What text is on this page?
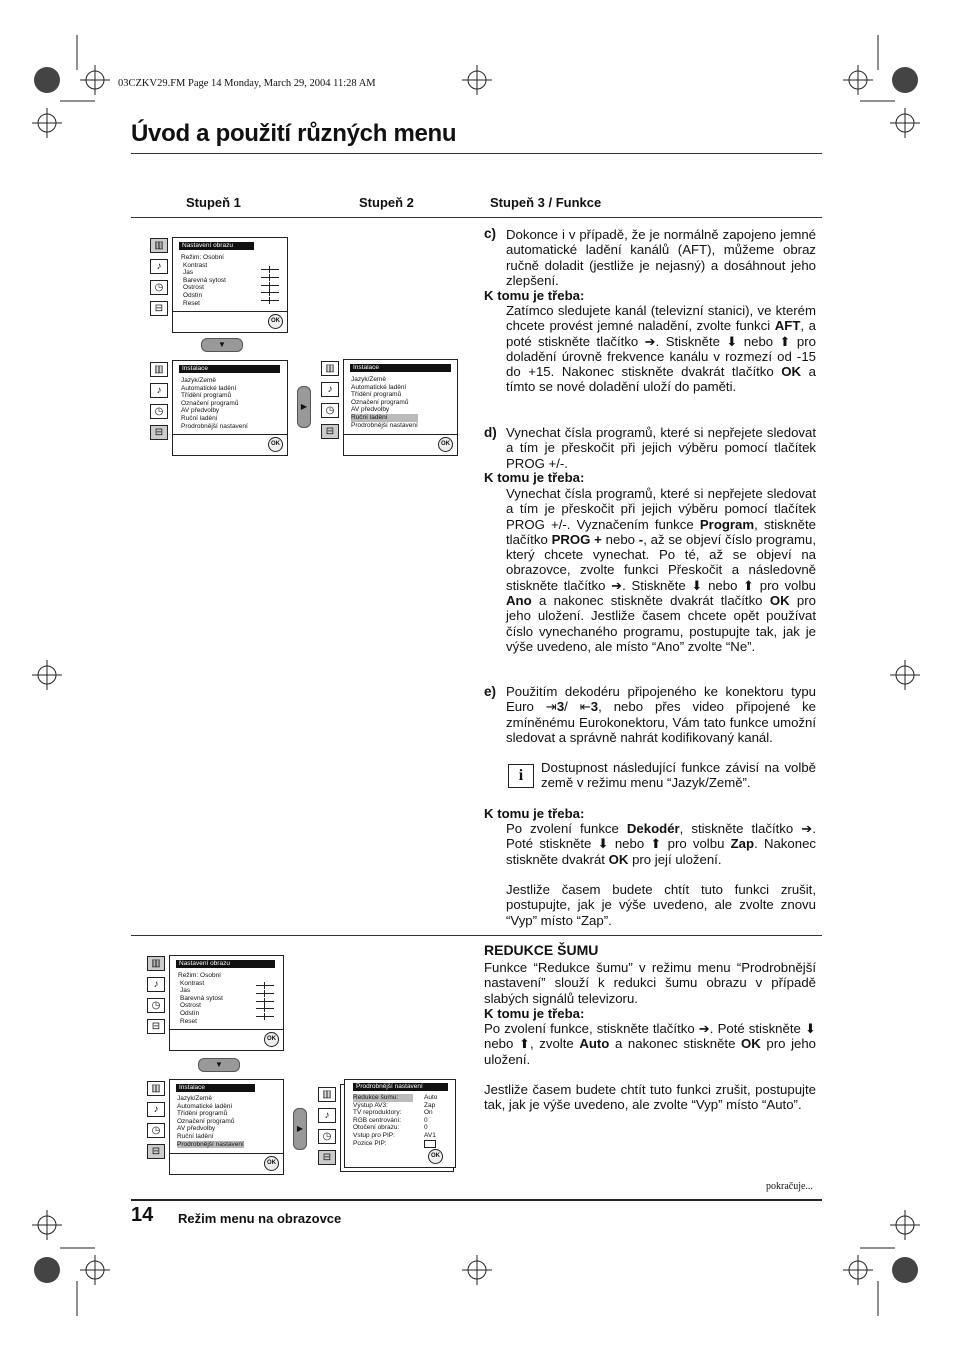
03CZKV29.FM Page 14 Monday, March 29, 2004 11:28 AM
Úvod a použití různých menu
Stupeň 1	Stupeň 2	Stupeň 3 / Funkce
▥
♪
◷
⊟
Nastavení obrazu
Režim: Osobní
Kontrast
Jas
Barevná sytost
Ostrost
Odstín
Reset
OK
▼
▥
♪
◷
⊟
Instalace
Jazyk/Země
Automatické ladění
Třídění programů
Označení programů
AV předvolby
Ruční ladění
Prodrobnější nastavení
OK
▶
▥
♪
◷
⊟
Instalace
Jazyk/Země
Automatické ladění
Třídění programů
Označení programů
AV předvolby
Ruční ladění
Prodrobnější nastavení
OK
c) Dokonce i v případě, že je normálně zapojeno jemné automatické ladění kanálů (AFT), můžeme obraz ručně doladit (jestliže je nejasný) a dosáhnout jeho zlepšení.
K tomu je třeba:
Zatímco sledujete kanál (televizní stanici), ve kterém chcete provést jemné naladění, zvolte funkci AFT, a poté stiskněte tlačítko ➔. Stiskněte ⬇ nebo ⬆ pro doladění úrovně frekvence kanálu v rozmezí od -15 do +15. Nakonec stiskněte dvakrát tlačítko OK a tímto se nové doladění uloží do paměti.
d) Vynechat čísla programů, které si nepřejete sledovat a tím je přeskočit při jejich výběru pomocí tlačítek PROG +/-.
K tomu je třeba:
Vynechat čísla programů, které si nepřejete sledovat a tím je přeskočit při jejich výběru pomocí tlačítek PROG +/-. Vyznačením funkce Program, stiskněte tlačítko PROG + nebo -, až se objeví číslo programu, který chcete vynechat. Po té, až se objeví na obrazovce, zvolte funkci Přeskočit a následovně stiskněte tlačítko ➔. Stiskněte ⬇ nebo ⬆ pro volbu Ano a nakonec stiskněte dvakrát tlačítko OK pro jeho uložení. Jestliže časem chcete opět používat číslo vynechaného programu, postupujte tak, jak je výše uvedeno, ale místo “Ano” zvolte “Ne”.
e) Použitím dekodéru připojeného ke konektoru typu Euro ⇥3/ ⇤3, nebo přes video připojené ke zmíněnému Eurokonektoru, Vám tato funkce umožní sledovat a správně nahrát kodifikovaný kanál.
i	Dostupnost následující funkce závisí na volbě země v režimu menu “Jazyk/Země”.
K tomu je třeba:
Po zvolení funkce Dekodér, stiskněte tlačítko ➔. Poté stiskněte ⬇ nebo ⬆ pro volbu Zap. Nakonec stiskněte dvakrát OK pro její uložení.
Jestliže časem budete chtít tuto funkci zrušit, postupujte, jak je výše uvedeno, ale zvolte znovu “Vyp” místo “Zap”.
▥
♪
◷
⊟
Nastavení obrazu
Režim: Osobní
Kontrast
Jas
Barevná sytost
Ostrost
Odstín
Reset
OK
▼
▥
♪
◷
⊟
Instalace
Jazyk/Země
Automatické ladění
Třídění programů
Označení programů
AV předvolby
Ruční ladění
Prodrobnější nastavení
OK
▶
▥
♪
◷
⊟
Prodrobnější nastavení
Redukce šumu:
Výstup AV3:
TV reproduktory:
RGB centrování:
Otočení obrazu:
Vstup pro PIP:
Pozice PIP:
Auto
Zap
On
0
0
AV1
OK
REDUKCE ŠUMU
Funkce “Redukce šumu” v režimu menu “Prodrobnější nastavení” slouží k redukci šumu obrazu v případě slabých signálů televizoru.
K tomu je třeba:
Po zvolení funkce, stiskněte tlačítko ➔. Poté stiskněte ⬇ nebo ⬆, zvolte Auto a nakonec stiskněte OK pro jeho uložení.
Jestliže časem budete chtít tuto funkci zrušit, postupujte tak, jak je výše uvedeno, ale zvolte “Vyp” místo “Auto”.
pokračuje...
14 Režim menu na obrazovce
